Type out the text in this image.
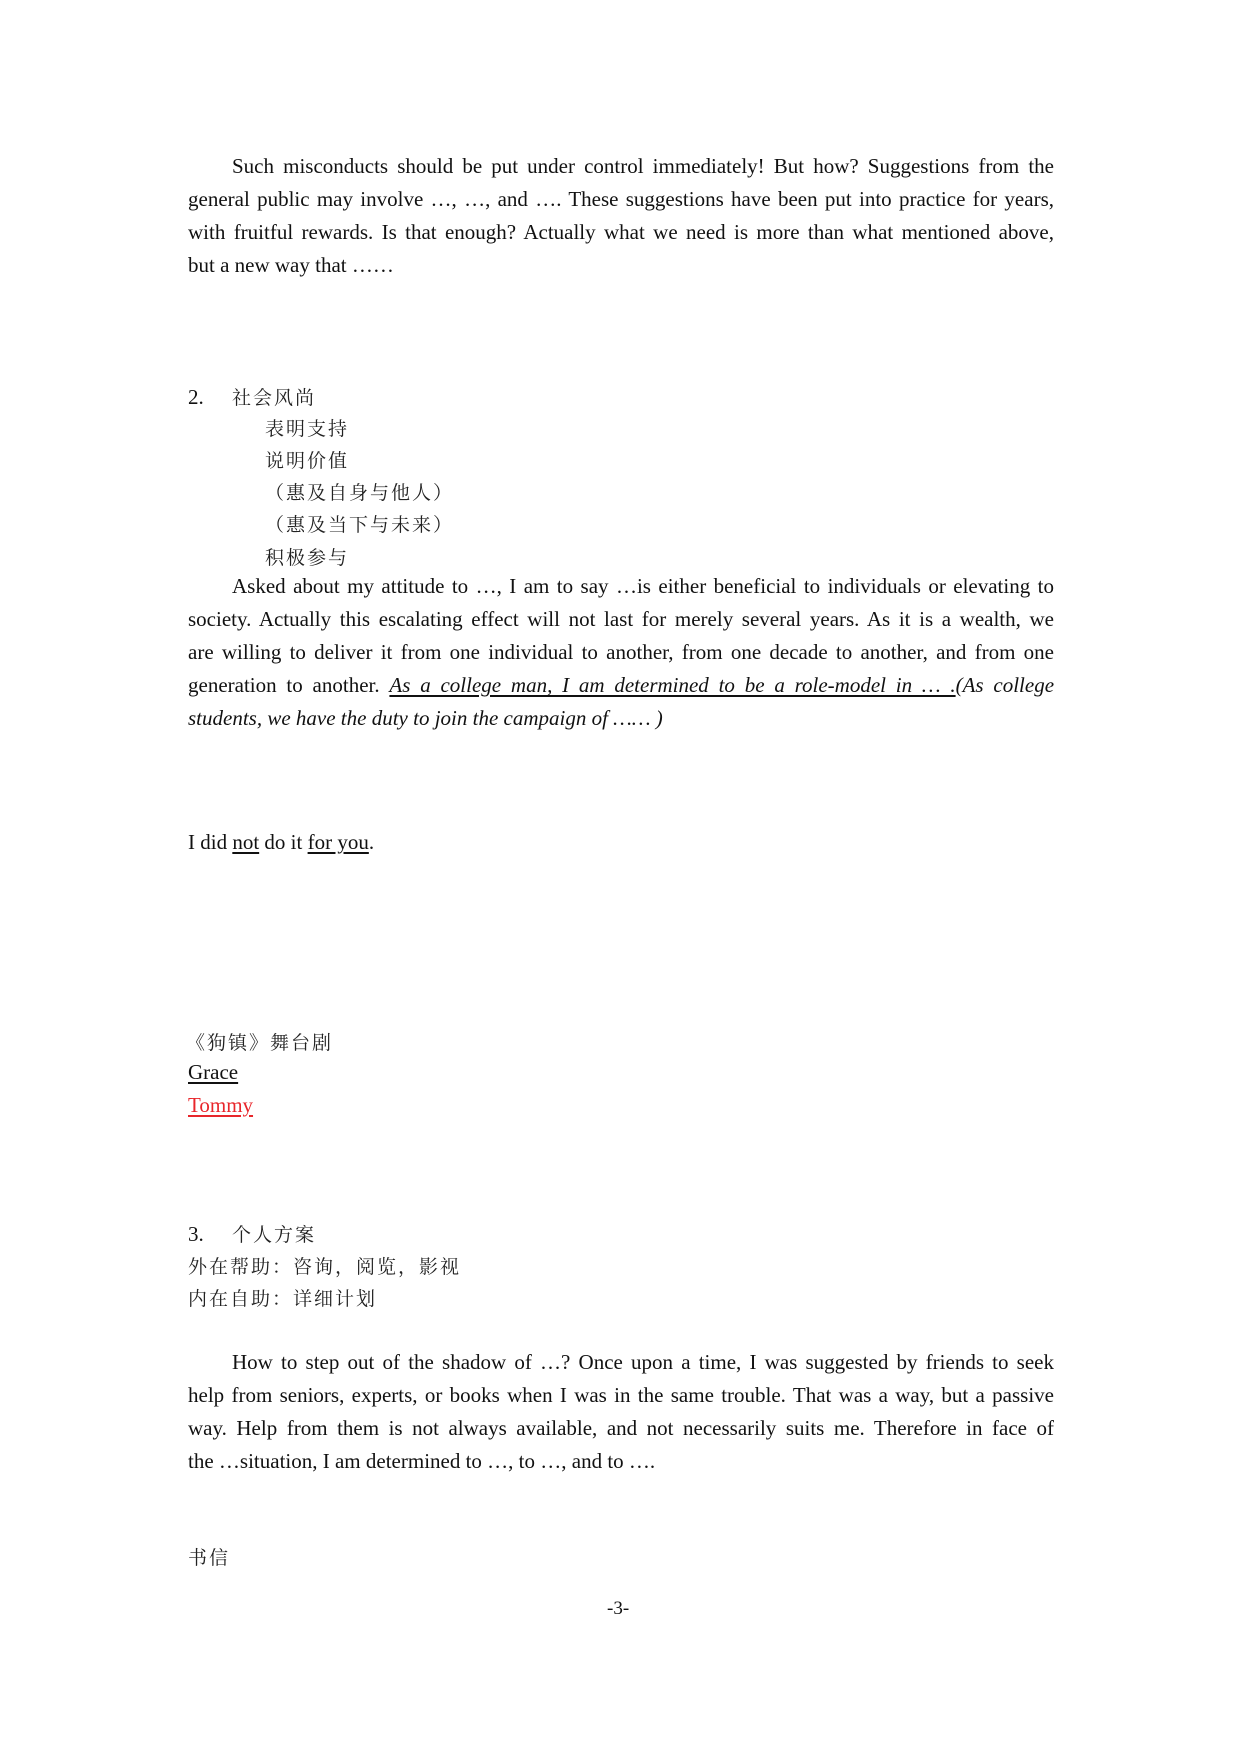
Such misconducts should be put under control immediately! But how? Suggestions from the
general public may involve …, …, and …. These suggestions have been put into practice for years,
with fruitful rewards. Is that enough? Actually what we need is more than what mentioned above,
but a new way that ……
2. 社会风尚
表明支持
说明价值
（惠及自身与他人）
（惠及当下与未来）
积极参与
Asked about my attitude to …, I am to say …is either beneficial to individuals or elevating to
society. Actually this escalating effect will not last for merely several years. As it is a wealth, we
are willing to deliver it from one individual to another, from one decade to another, and from one
generation to another. As a college man, I am determined to be a role-model in … .(As college
students, we have the duty to join the campaign of …… )
I did not do it for you.
《狗镇》舞台剧
Grace
Tommy
3. 个人方案
外在帮助：咨询，阅览，影视
内在自助：详细计划
How to step out of the shadow of …? Once upon a time, I was suggested by friends to seek
help from seniors, experts, or books when I was in the same trouble. That was a way, but a passive
way. Help from them is not always available, and not necessarily suits me. Therefore in face of
the …situation, I am determined to …, to …, and to ….
书信
-3-
